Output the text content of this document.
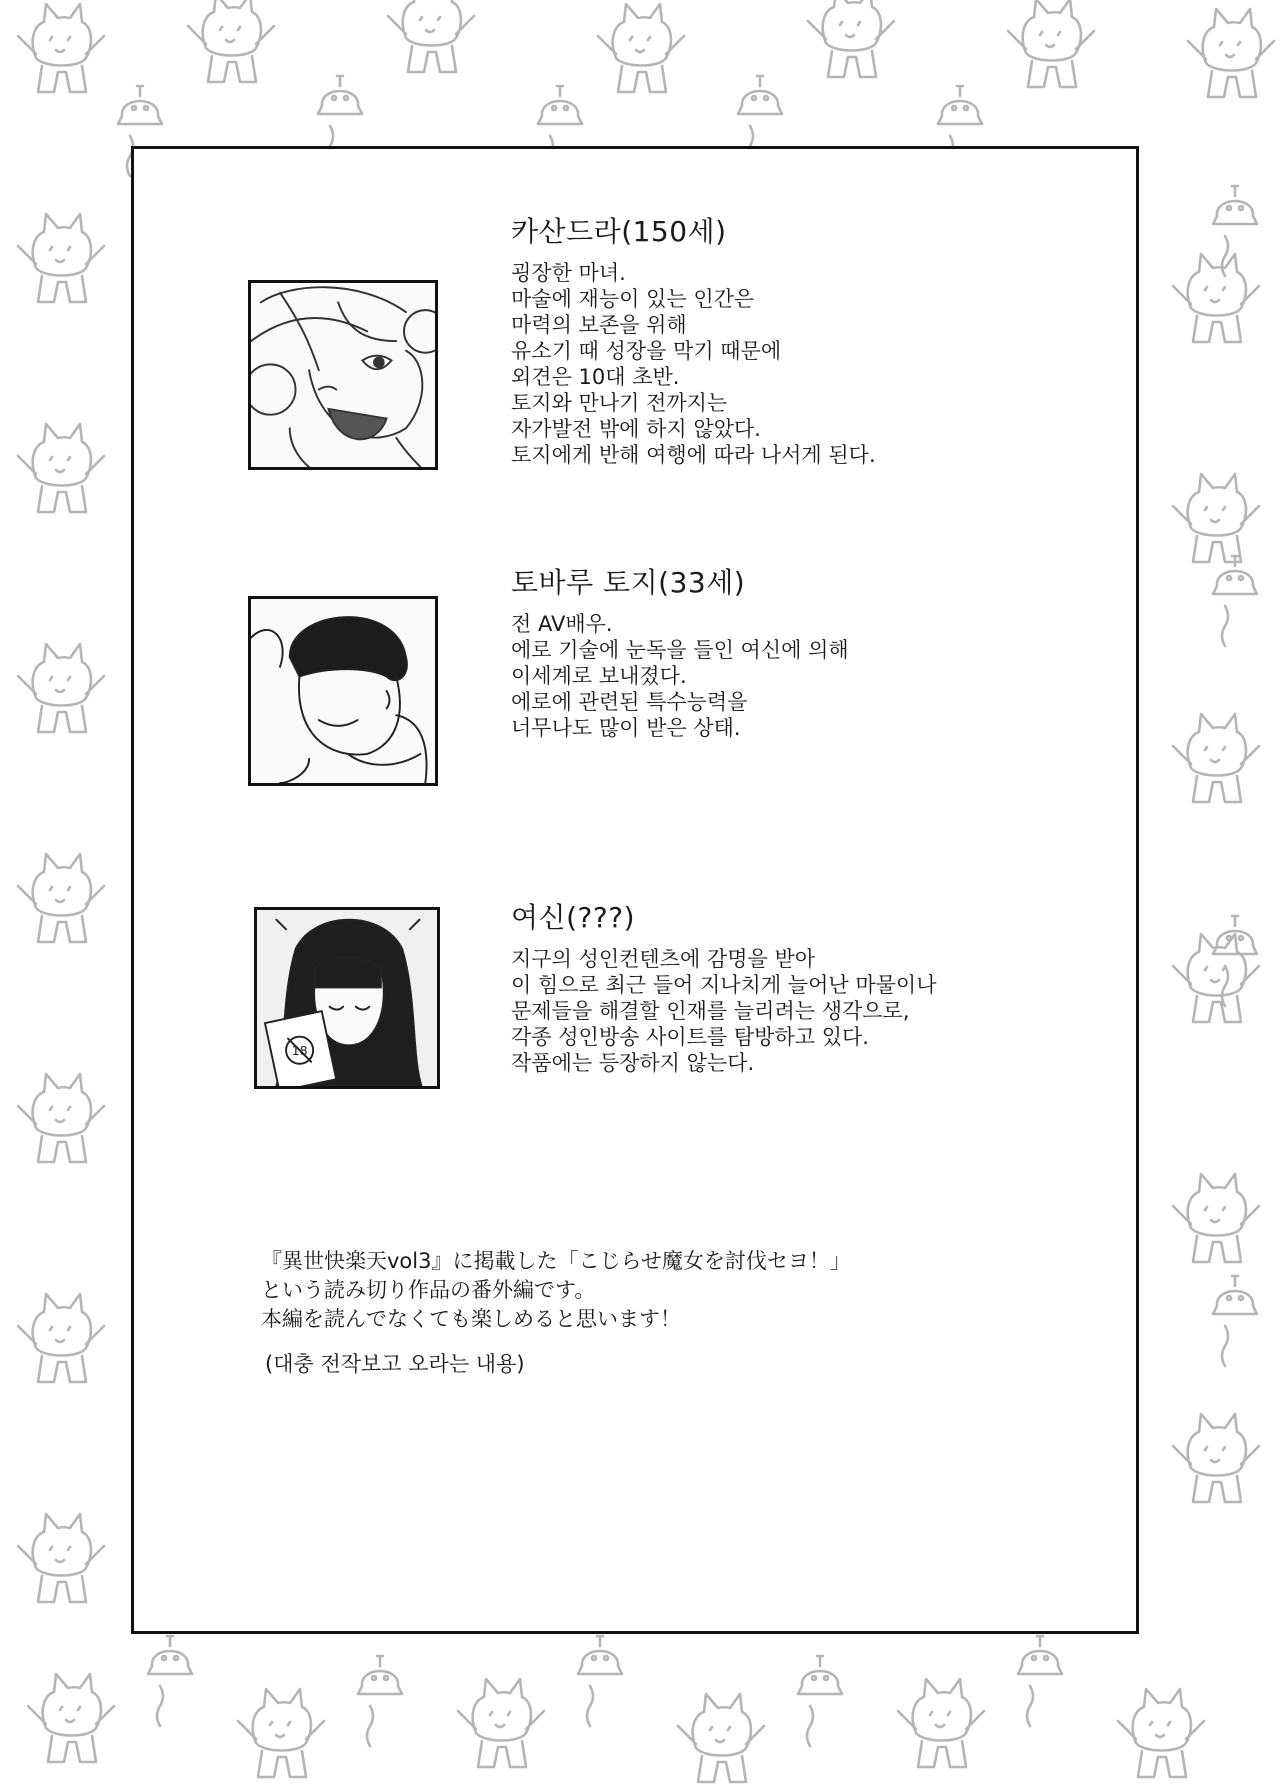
카산드라(150세)
굉장한 마녀.
마술에 재능이 있는 인간은
마력의 보존을 위해
유소기 때 성장을 막기 때문에
외견은 10대 초반.
토지와 만나기 전까지는
자가발전 밖에 하지 않았다.
토지에게 반해 여행에 따라 나서게 된다.
토바루 토지(33세)
전 AV배우.
에로 기술에 눈독을 들인 여신에 의해
이세계로 보내졌다.
에로에 관련된 특수능력을
너무나도 많이 받은 상태.
18
여신(???)
지구의 성인컨텐츠에 감명을 받아
이 힘으로 최근 들어 지나치게 늘어난 마물이나
문제들을 해결할 인재를 늘리려는 생각으로,
각종 성인방송 사이트를 탐방하고 있다.
작품에는 등장하지 않는다.
『異世快楽天vol3』に掲載した「こじらせ魔女を討伐セヨ！」
という読み切り作品の番外編です。
本編を読んでなくても楽しめると思います！
(대충 전작보고 오라는 내용)
